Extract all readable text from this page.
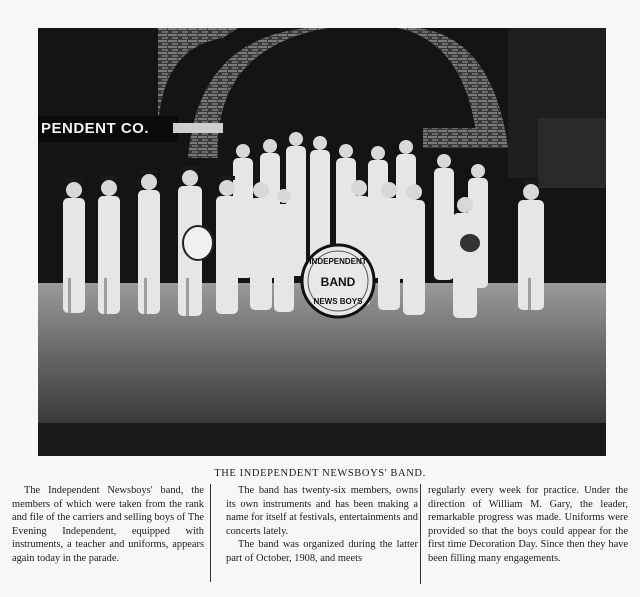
INDEPENDENT
BAND
NEWS BOYS
PENDENT CO.
THE INDEPENDENT NEWSBOYS' BAND.

The Independent Newsboys' band, the members of which were taken from the rank and file of the carriers and selling boys of The Evening Independent, equipped with instruments, a teacher and uniforms, appears again today in the parade.

The band has twenty-six members, owns its own instruments and has been making a name for itself at festivals, entertainments and concerts lately.

The band was organized during the latter part of October, 1908, and meets

regularly every week for practice. Under the direction of William M. Gary, the leader, remarkable progress was made. Uniforms were provided so that the boys could appear for the first time Decoration Day. Since then they have been filling many engagements.
